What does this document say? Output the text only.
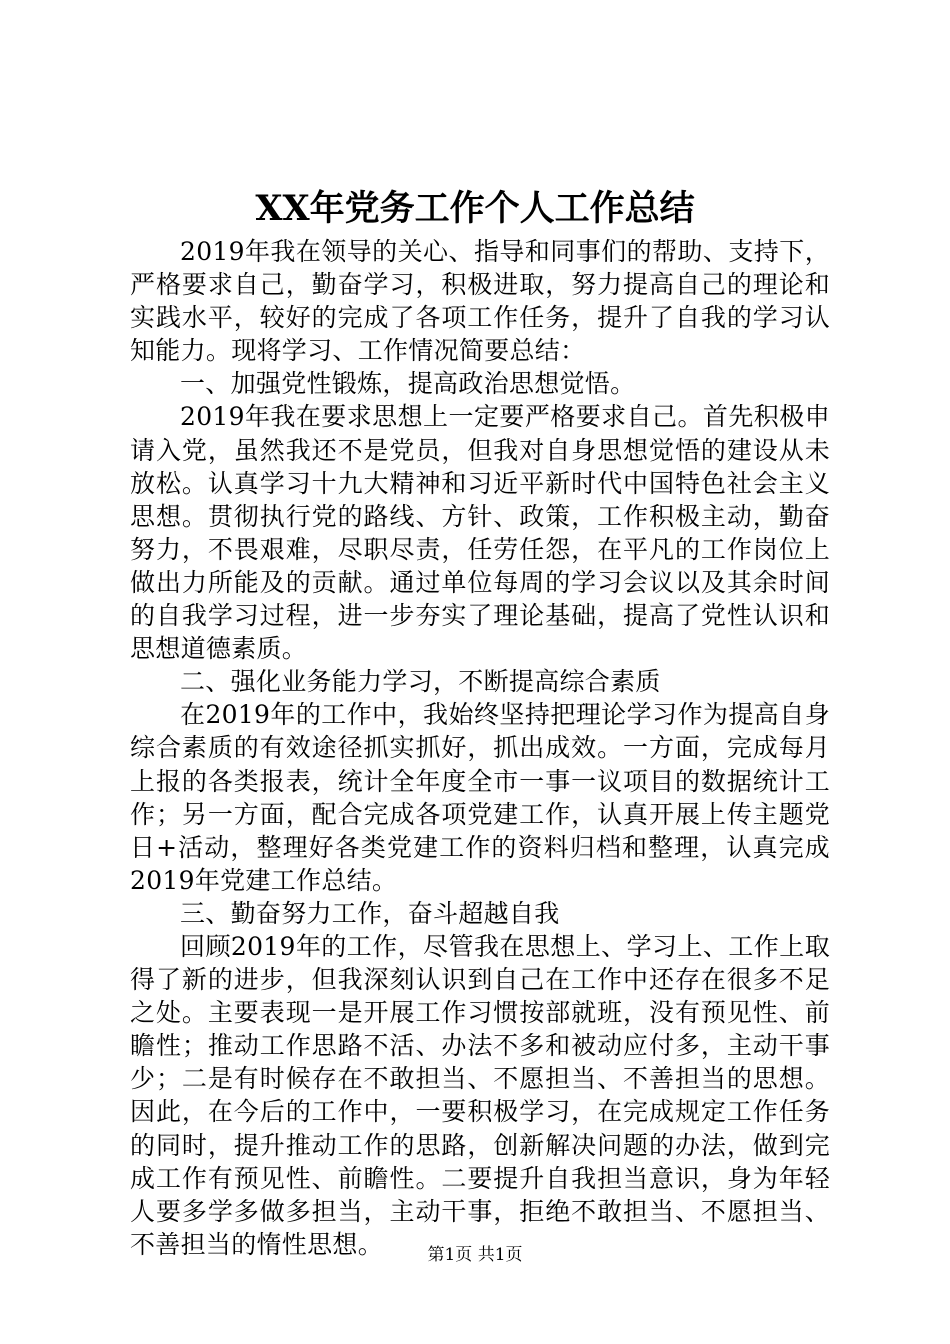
XX年党务工作个人工作总结

2019年我在领导的关心、指导和同事们的帮助、支持下，严格要求自己，勤奋学习，积极进取，努力提高自己的理论和实践水平，较好的完成了各项工作任务，提升了自我的学习认知能力。现将学习、工作情况简要总结：

一、加强党性锻炼，提高政治思想觉悟。

2019年我在要求思想上一定要严格要求自己。首先积极申请入党，虽然我还不是党员，但我对自身思想觉悟的建设从未放松。认真学习十九大精神和习近平新时代中国特色社会主义思想。贯彻执行党的路线、方针、政策，工作积极主动，勤奋努力，不畏艰难，尽职尽责，任劳任怨，在平凡的工作岗位上做出力所能及的贡献。通过单位每周的学习会议以及其余时间的自我学习过程，进一步夯实了理论基础，提高了党性认识和思想道德素质。

二、强化业务能力学习，不断提高综合素质

在2019年的工作中，我始终坚持把理论学习作为提高自身综合素质的有效途径抓实抓好，抓出成效。一方面，完成每月上报的各类报表，统计全年度全市一事一议项目的数据统计工作；另一方面，配合完成各项党建工作，认真开展上传主题党日+活动，整理好各类党建工作的资料归档和整理，认真完成2019年党建工作总结。

三、勤奋努力工作，奋斗超越自我

回顾2019年的工作，尽管我在思想上、学习上、工作上取得了新的进步，但我深刻认识到自己在工作中还存在很多不足之处。主要表现一是开展工作习惯按部就班，没有预见性、前瞻性；推动工作思路不活、办法不多和被动应付多，主动干事少；二是有时候存在不敢担当、不愿担当、不善担当的思想。因此，在今后的工作中，一要积极学习，在完成规定工作任务的同时，提升推动工作的思路，创新解决问题的办法，做到完成工作有预见性、前瞻性。二要提升自我担当意识，身为年轻人要多学多做多担当，主动干事，拒绝不敢担当、不愿担当、不善担当的惰性思想。	第1页 共1页
